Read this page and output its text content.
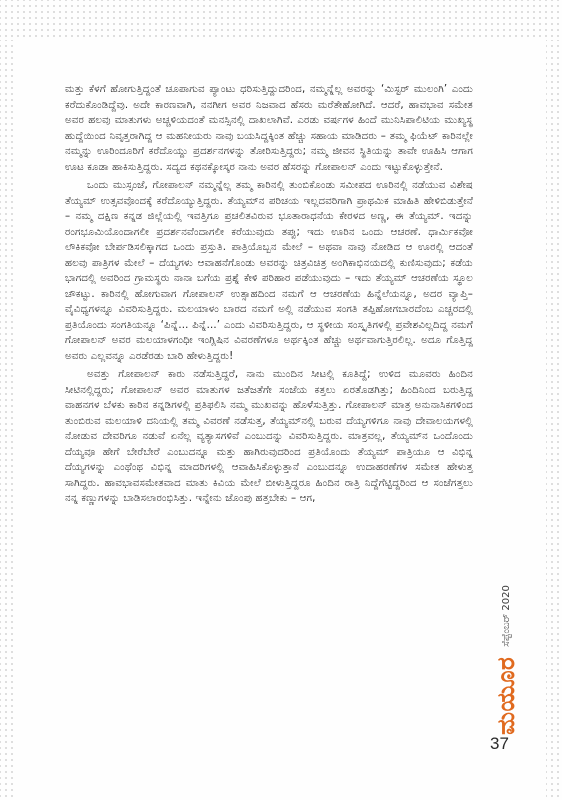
ಮತ್ತು ಕೆಳಗೆ ಹೋಗುತ್ತಿದ್ದಂತೆ ಚೂಪಾಗುವ ಪ್ಯಾಂಟು ಧರಿಸುತ್ತಿದ್ದುದರಿಂದ, ನಮ್ಮನ್ನೆಲ್ಲ ಅವರನ್ನು ‘ಮಿಸ್ಟರ್ ಮುಲಂಗಿ’ ಎಂದು ಕರೆದುಕೊಂಡಿದ್ದೆವು. ಅದೇ ಕಾರಣವಾಗಿ, ನನಗೀಗ ಅವರ ನಿಜವಾದ ಹೆಸರು ಮರೆತೇಹೋಗಿದೆ. ಆದರೆ, ಹಾವಭಾವ ಸಮೇತ ಅವರ ಹಲವು ಮಾತುಗಳು ಅಚ್ಚಳಿಯದಂತೆ ಮನಸ್ಸಿನಲ್ಲಿ ದಾಖಲಾಗಿವೆ. ಎರಡು ವರ್ಷಗಳ ಹಿಂದೆ ಮುನಿಸಿಪಾಲಿಟಿಯ ಮುಖ್ಯಸ್ಥ ಹುದ್ದೆಯಿಂದ ನಿವೃತ್ತರಾಗಿದ್ದ ಆ ಮಹನೀಯರು ನಾವು ಬಯಸಿದ್ದಕ್ಕಿಂತ ಹೆಚ್ಚು ಸಹಾಯ ಮಾಡಿದರು – ತಮ್ಮ ಫಿಯೆಟ್ ಕಾರಿನಲ್ಲೇ ನಮ್ಮನ್ನು ಊರಿಂದೂರಿಗೆ ಕರೆದೊಯ್ದು ಪ್ರದರ್ಶನಗಳನ್ನು ತೋರಿಸುತ್ತಿದ್ದರು; ನಮ್ಮ ಜೀವನ ಸ್ಥಿತಿಯನ್ನು ತಾವೇ ಊಹಿಸಿ ಆಗಾಗ ಊಟ ಕೂಡಾ ಹಾಕಿಸುತ್ತಿದ್ದರು. ಸದ್ಯದ ಕಥನಕ್ಕೋಸ್ಕರ ನಾನು ಅವರ ಹೆಸರನ್ನು ಗೋಪಾಲನ್ ಎಂದು ಇಟ್ಟುಕೊಳ್ಳುತ್ತೇನೆ.

ಒಂದು ಮುಸ್ಸಂಜೆ, ಗೋಪಾಲನ್ ನಮ್ಮನ್ನೆಲ್ಲ ತಮ್ಮ ಕಾರಿನಲ್ಲಿ ತುಂಬಿಕೊಂಡು ಸಮೀಪದ ಊರಿನಲ್ಲಿ ನಡೆಯುವ ವಿಶೇಷ ತೆಯ್ಯಮ್ ಉತ್ಸವವೊಂದಕ್ಕೆ ಕರೆದೊಯ್ಯುತ್ತಿದ್ದರು. ತೆಯ್ಯಮ್‌ನ ಪರಿಚಯ ಇಲ್ಲದವರಿಗಾಗಿ ಪ್ರಾಥಮಿಕ ಮಾಹಿತಿ ಹೇಳಿಬಿಡುತ್ತೇನೆ – ನಮ್ಮ ದಕ್ಷಿಣ ಕನ್ನಡ ಜಿಲ್ಲೆಯಲ್ಲಿ ಇವತ್ತಿಗೂ ಪ್ರಚಲಿತವಿರುವ ಭೂತಾರಾಧನೆಯ ಕೇರಳದ ಅಣ್ಣ, ಈ ತೆಯ್ಯಮ್. ಇದನ್ನು ರಂಗಭೂಮಿಯೊಂದಾಗಲೀ ಪ್ರದರ್ಶನವೆಂದಾಗಲೀ ಕರೆಯುವುದು ತಪ್ಪು; ಇದು ಊರಿನ ಒಂದು ಆಚರಣೆ. ಧಾರ್ಮಿಕವೋ ಲೌಕಿಕವೋ ಬೇರ್ಪಡಿಸಲಿಕ್ಕಾಗದ ಒಂದು ಪ್ರಸ್ತುತಿ. ಪಾತ್ರಿಯೊಬ್ಬನ ಮೇಲೆ – ಅಥವಾ ನಾವು ನೋಡಿದ ಆ ಊರಲ್ಲಿ ಆದಂತೆ ಹಲವು ಪಾತ್ರಿಗಳ ಮೇಲೆ – ದೆಯ್ಯಗಳು ಆವಾಹನೆಗೊಂಡು ಅವರನ್ನು ಚಿತ್ರವಿಚಿತ್ರ ಅಂಗಿಕಾಭಿನಯದಲ್ಲಿ ಕುಣಿಸುವುದು; ಕಡೆಯ ಭಾಗದಲ್ಲಿ ಅವರಿಂದ ಗ್ರಾಮಸ್ಥರು ನಾನಾ ಬಗೆಯ ಪ್ರಶ್ನೆ ಕೇಳಿ ಪರಿಹಾರ ಪಡೆಯುವುದು – ಇದು ತೆಯ್ಯಮ್ ಆಚರಣೆಯ ಸ್ಥೂಲ ಚೌಕಟ್ಟು. ಕಾರಿನಲ್ಲಿ ಹೋಗುವಾಗ ಗೋಪಾಲನ್ ಉತ್ಸಾಹದಿಂದ ನಮಗೆ ಆ ಆಚರಣೆಯ ಹಿನ್ನೆಲೆಯನ್ನೂ, ಅದರ ವ್ಯಾಪ್ತಿ–ವೈವಿಧ್ಯಗಳನ್ನೂ ವಿವರಿಸುತ್ತಿದ್ದರು. ಮಲಯಾಳಂ ಬಾರದ ನಮಗೆ ಅಲ್ಲಿ ನಡೆಯುವ ಸಂಗತಿ ತಪ್ಪಿಹೋಗಬಾರದೆಂಬ ಎಚ್ಚರದಲ್ಲಿ ಪ್ರತಿಯೊಂದು ಸಂಗತಿಯನ್ನೂ ‘ಪಿನ್ನೆ... ಪಿನ್ನೆ...’ ಎಂದು ವಿವರಿಸುತ್ತಿದ್ದರು, ಆ ಸ್ಥಳೀಯ ಸಂಸ್ಕೃತಿಗಳಲ್ಲಿ ಪ್ರವೇಶವಿಲ್ಲದಿದ್ದ ನಮಗೆ ಗೋಪಾಲನ್ ಅವರ ಮಲಯಾಳಗಂಧೀ ಇಂಗ್ಲಿಷಿನ ವಿವರಣೆಗಳೂ ಅರ್ಥಕ್ಕಿಂತ ಹೆಚ್ಚು ಅರ್ಥವಾಗುತ್ತಿರಲಿಲ್ಲ. ಅದೂ ಗೊತ್ತಿದ್ದ ಅವರು ಎಲ್ಲವನ್ನೂ ಎರಡೆರಡು ಬಾರಿ ಹೇಳುತ್ತಿದ್ದರು!

ಅವತ್ತು ಗೋಪಾಲನ್ ಕಾರು ನಡೆಸುತ್ತಿದ್ದರೆ, ನಾನು ಮುಂದಿನ ಸೀಟಲ್ಲಿ ಕೂತಿದ್ದೆ; ಉಳಿದ ಮೂವರು ಹಿಂದಿನ ಸೀಟಿನಲ್ಲಿದ್ದರು; ಗೋಪಾಲನ್ ಅವರ ಮಾತುಗಳ ಜತೆಜತೆಗೇ ಸಂಜೆಯ ಕತ್ತಲು ಏರತೊಡಗಿತ್ತು; ಹಿಂದಿನಿಂದ ಬರುತ್ತಿದ್ದ ವಾಹನಗಳ ಬೆಳಕು ಕಾರಿನ ಕನ್ನಡಿಗಳಲ್ಲಿ ಪ್ರತಿಫಲಿಸಿ ನಮ್ಮ ಮುಖವನ್ನು ಹೊಳೆಸುತ್ತಿತ್ತು. ಗೋಪಾಲನ್ ಮಾತ್ರ ಅನುನಾಸಿಕಗಳಿಂದ ತುಂಬಿರುವ ಮಲಯಾಳಿ ದನಿಯಲ್ಲಿ ತಮ್ಮ ವಿವರಣೆ ನಡೆಸುತ್ತ, ತೆಯ್ಯಮ್‌ನಲ್ಲಿ ಬರುವ ದೆಯ್ಯಗಳಿಗೂ ನಾವು ದೇವಾಲಯಗಳಲ್ಲಿ ನೋಡುವ ದೇವರಿಗೂ ನಡುವೆ ಏನೆಲ್ಲ ವ್ಯತ್ಯಾಸಗಳಿವೆ ಎಂಬುದನ್ನು ವಿವರಿಸುತ್ತಿದ್ದರು. ಮಾತ್ರವಲ್ಲ, ತೆಯ್ಯಮ್‌ನ ಒಂದೊಂದು ದೆಯ್ಯವೂ ಹೇಗೆ ಬೇರೆಬೇರೆ ಎಂಬುದನ್ನೂ ಮತ್ತು ಹಾಗಿರುವುದರಿಂದ ಪ್ರತಿಯೊಂದು ತೆಯ್ಯಮ್ ಪಾತ್ರಿಯೂ ಆ ವಿಭಿನ್ನ ದೆಯ್ಯಗಳನ್ನು ಎಂಥೆಂಥ ವಿಭಿನ್ನ ಮಾದರಿಗಳಲ್ಲಿ ಆವಾಹಿಸಿಕೊಳ್ಳುತ್ತಾನೆ ಎಂಬುದನ್ನೂ ಉದಾಹರಣೆಗಳ ಸಮೇತ ಹೇಳುತ್ತ ಸಾಗಿದ್ದರು. ಹಾವಭಾವಸಮೇತವಾದ ಮಾತು ಕಿವಿಯ ಮೇಲೆ ಬೀಳುತ್ತಿದ್ದರೂ ಹಿಂದಿನ ರಾತ್ರಿ ನಿದ್ದೆಗೆಟ್ಟಿದ್ದರಿಂದ ಆ ಸಂಜೆಗತ್ತಲು ನನ್ನ ಕಣ್ಣುಗಳನ್ನು ಬಾಡಿಸಲಾರಂಭಿಸಿತ್ತು. ಇನ್ನೇನು ಜೊಂಪು ಹತ್ತಬೇಕು – ಆಗ,

ಮಯೂರ
ಸೆಪ್ಟೆಂಬರ್ 2020
37
